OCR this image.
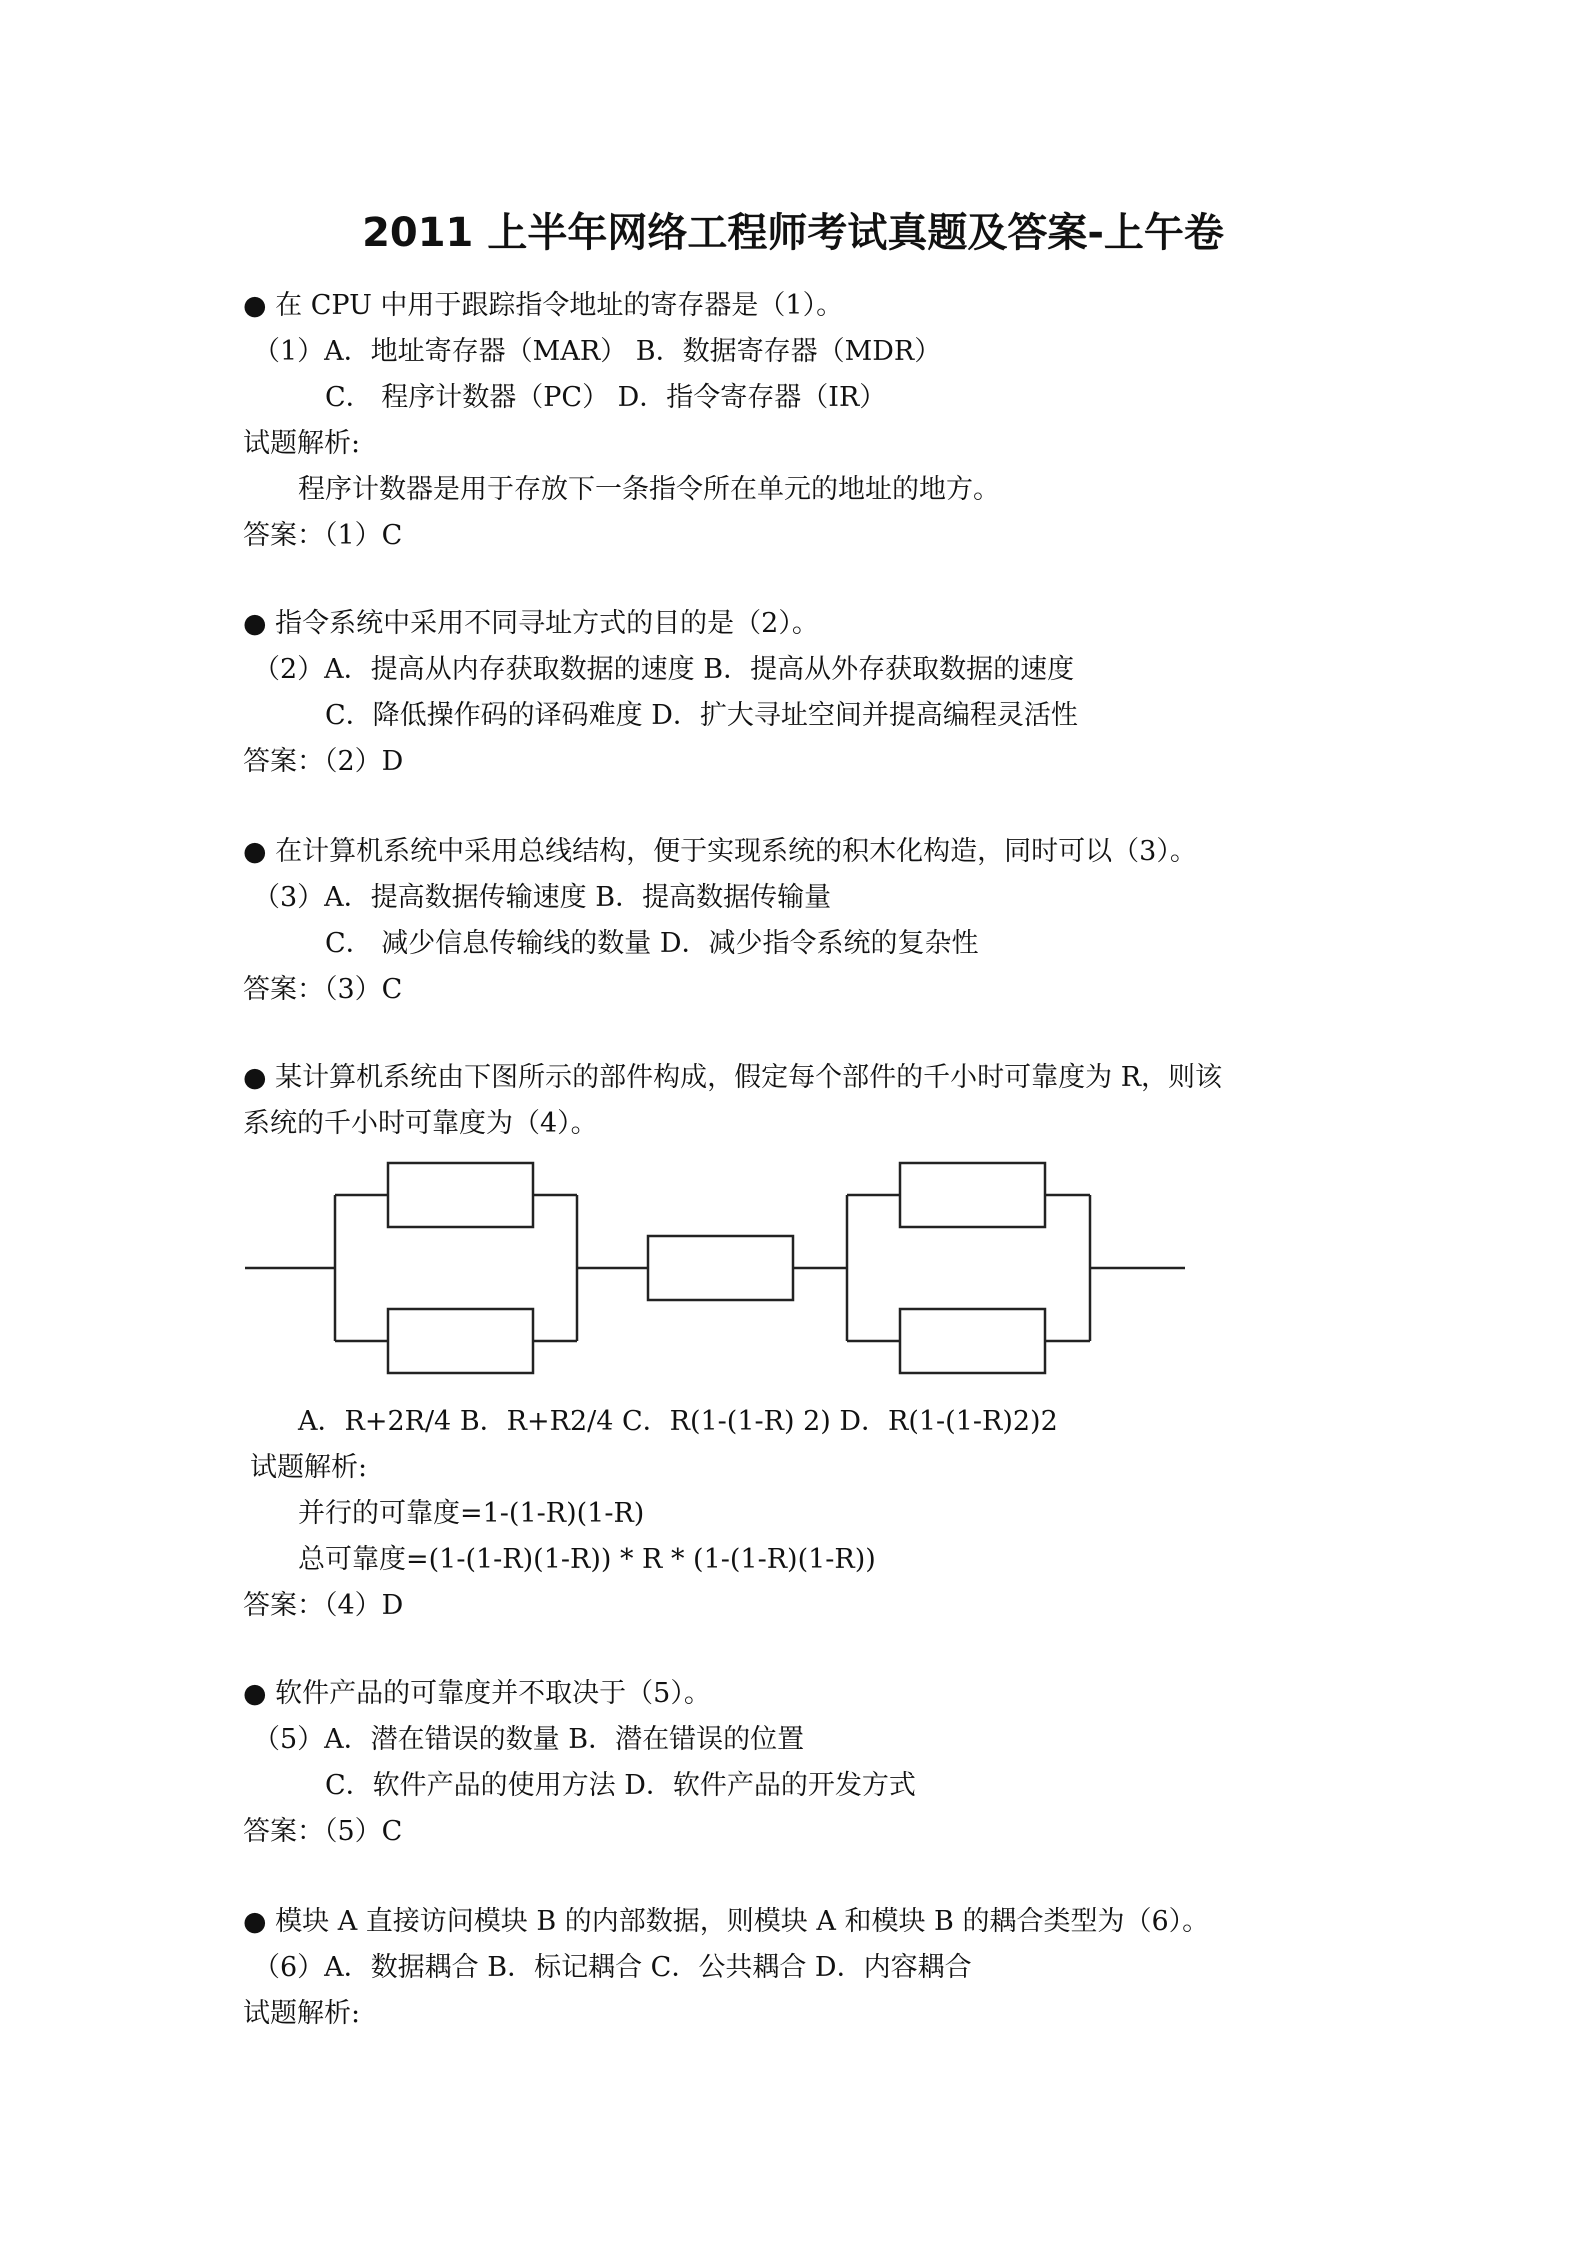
2011 上半年网络工程师考试真题及答案-上午卷
● 在 CPU 中用于跟踪指令地址的寄存器是（1）。
（1）A．地址寄存器（MAR） B．数据寄存器（MDR）
C． 程序计数器（PC） D．指令寄存器（IR）
试题解析:
程序计数器是用于存放下一条指令所在单元的地址的地方。
答案：（1）C
● 指令系统中采用不同寻址方式的目的是（2）。
（2）A．提高从内存获取数据的速度 B．提高从外存获取数据的速度
C．降低操作码的译码难度 D．扩大寻址空间并提高编程灵活性
答案：（2）D
● 在计算机系统中采用总线结构，便于实现系统的积木化构造，同时可以（3）。
（3）A．提高数据传输速度 B．提高数据传输量
C． 减少信息传输线的数量 D．减少指令系统的复杂性
答案：（3）C
● 某计算机系统由下图所示的部件构成，假定每个部件的千小时可靠度为 R，则该
系统的千小时可靠度为（4）。
A．R+2R/4 B．R+R2/4 C．R(1-(1-R) 2) D．R(1-(1-R)2)2
试题解析:
并行的可靠度=1-(1-R)(1-R)
总可靠度=(1-(1-R)(1-R)) * R * (1-(1-R)(1-R))
答案：（4）D
● 软件产品的可靠度并不取决于（5）。
（5）A．潜在错误的数量 B．潜在错误的位置
C．软件产品的使用方法 D．软件产品的开发方式
答案：（5）C
● 模块 A 直接访问模块 B 的内部数据，则模块 A 和模块 B 的耦合类型为（6）。
（6）A．数据耦合 B．标记耦合 C．公共耦合 D．内容耦合
试题解析:
